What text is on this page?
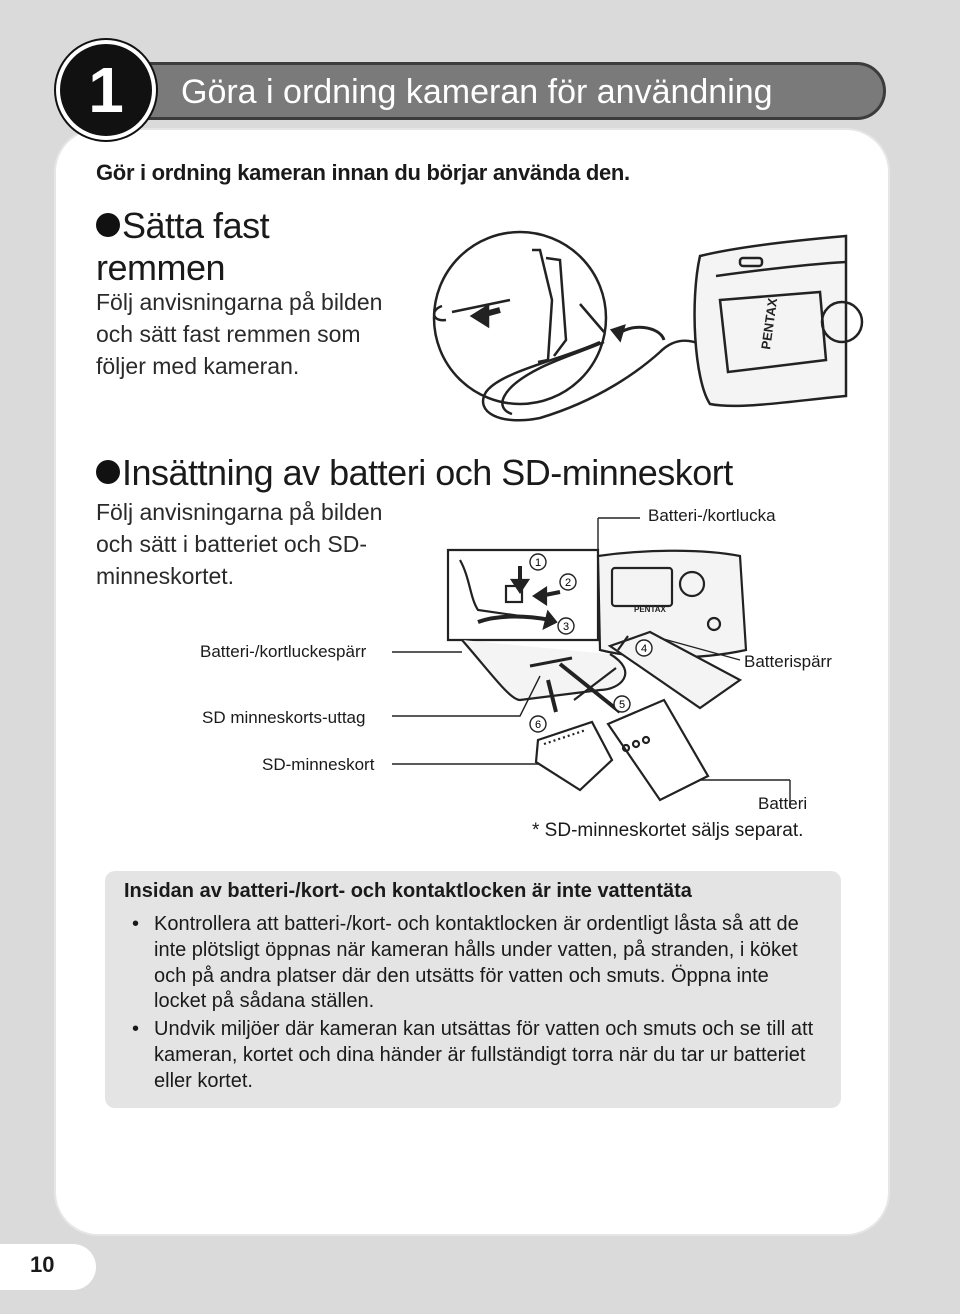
Göra i ordning kameran för användning
1
Gör i ordning kameran innan du börjar använda den.
Sätta fast remmen
Följ anvisningarna på bilden och sätt fast remmen som följer med kameran.
Insättning av batteri och SD-minneskort
Följ anvisningarna på bilden och sätt i batteriet och SD-minneskortet.
PENTAX
PENTAX
1
2
3
4
5
6
Batteri-/kortlucka
Batteri-/kortluckespärr
Batterispärr
SD minneskorts-uttag
SD-minneskort
Batteri
* SD-minneskortet säljs separat.
Insidan av batteri-/kort- och kontaktlocken är inte vattentäta
• Kontrollera att batteri-/kort- och kontaktlocken är ordentligt låsta så att de inte plötsligt öppnas när kameran hålls under vatten, på stranden, i köket och på andra platser där den utsätts för vatten och smuts. Öppna inte locket på sådana ställen.
• Undvik miljöer där kameran kan utsättas för vatten och smuts och se till att kameran, kortet och dina händer är fullständigt torra när du tar ur batteriet eller kortet.
10
